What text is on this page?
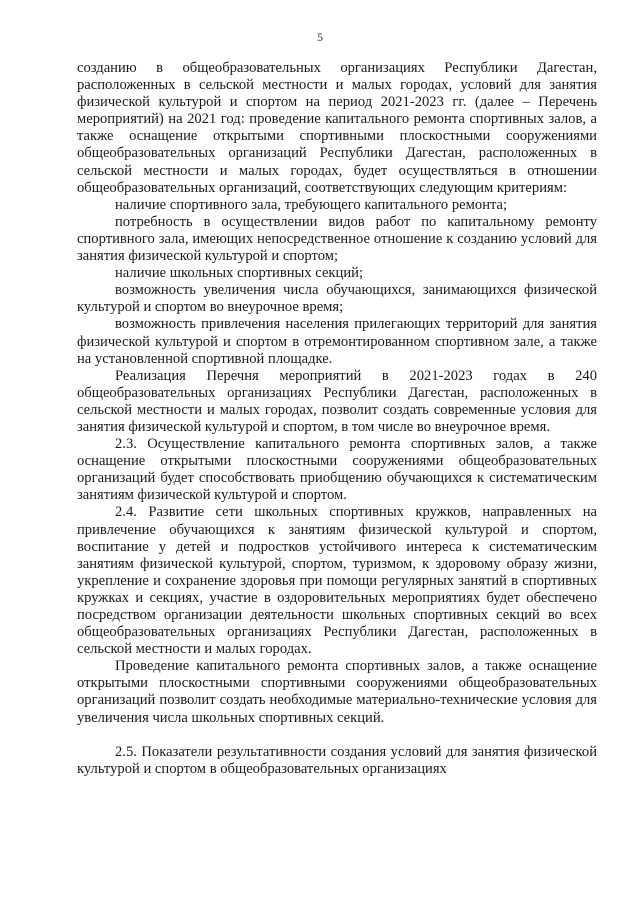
5

созданию в общеобразовательных организациях Республики Дагестан, расположенных в сельской местности и малых городах, условий для занятия физической культурой и спортом на период 2021-2023 гг. (далее – Перечень мероприятий) на 2021 год: проведение капитального ремонта спортивных залов, а также оснащение открытыми спортивными плоскостными сооружениями общеобразовательных организаций Республики Дагестан, расположенных в сельской местности и малых городах, будет осуществляться в отношении общеобразовательных организаций, соответствующих следующим критериям:

наличие спортивного зала, требующего капитального ремонта;

потребность в осуществлении видов работ по капитальному ремонту спортивного зала, имеющих непосредственное отношение к созданию условий для занятия физической культурой и спортом;

наличие школьных спортивных секций;

возможность увеличения числа обучающихся, занимающихся физической культурой и спортом во внеурочное время;

возможность привлечения населения прилегающих территорий для занятия физической культурой и спортом в отремонтированном спортивном зале, а также на установленной спортивной площадке.

Реализация Перечня мероприятий в 2021-2023 годах в 240 общеобразовательных организациях Республики Дагестан, расположенных в сельской местности и малых городах, позволит создать современные условия для занятия физической культурой и спортом, в том числе во внеурочное время.

2.3. Осуществление капитального ремонта спортивных залов, а также оснащение открытыми плоскостными сооружениями общеобразовательных организаций будет способствовать приобщению обучающихся к систематическим занятиям физической культурой и спортом.

2.4. Развитие сети школьных спортивных кружков, направленных на привлечение обучающихся к занятиям физической культурой и спортом, воспитание у детей и подростков устойчивого интереса к систематическим занятиям физической культурой, спортом, туризмом, к здоровому образу жизни, укрепление и сохранение здоровья при помощи регулярных занятий в спортивных кружках и секциях, участие в оздоровительных мероприятиях будет обеспечено посредством организации деятельности школьных спортивных секций во всех общеобразовательных организациях Республики Дагестан, расположенных в сельской местности и малых городах.

Проведение капитального ремонта спортивных залов, а также оснащение открытыми плоскостными спортивными сооружениями общеобразовательных организаций позволит создать необходимые материально-технические условия для увеличения числа школьных спортивных секций.

2.5. Показатели результативности создания условий для занятия физической культурой и спортом в общеобразовательных организациях
